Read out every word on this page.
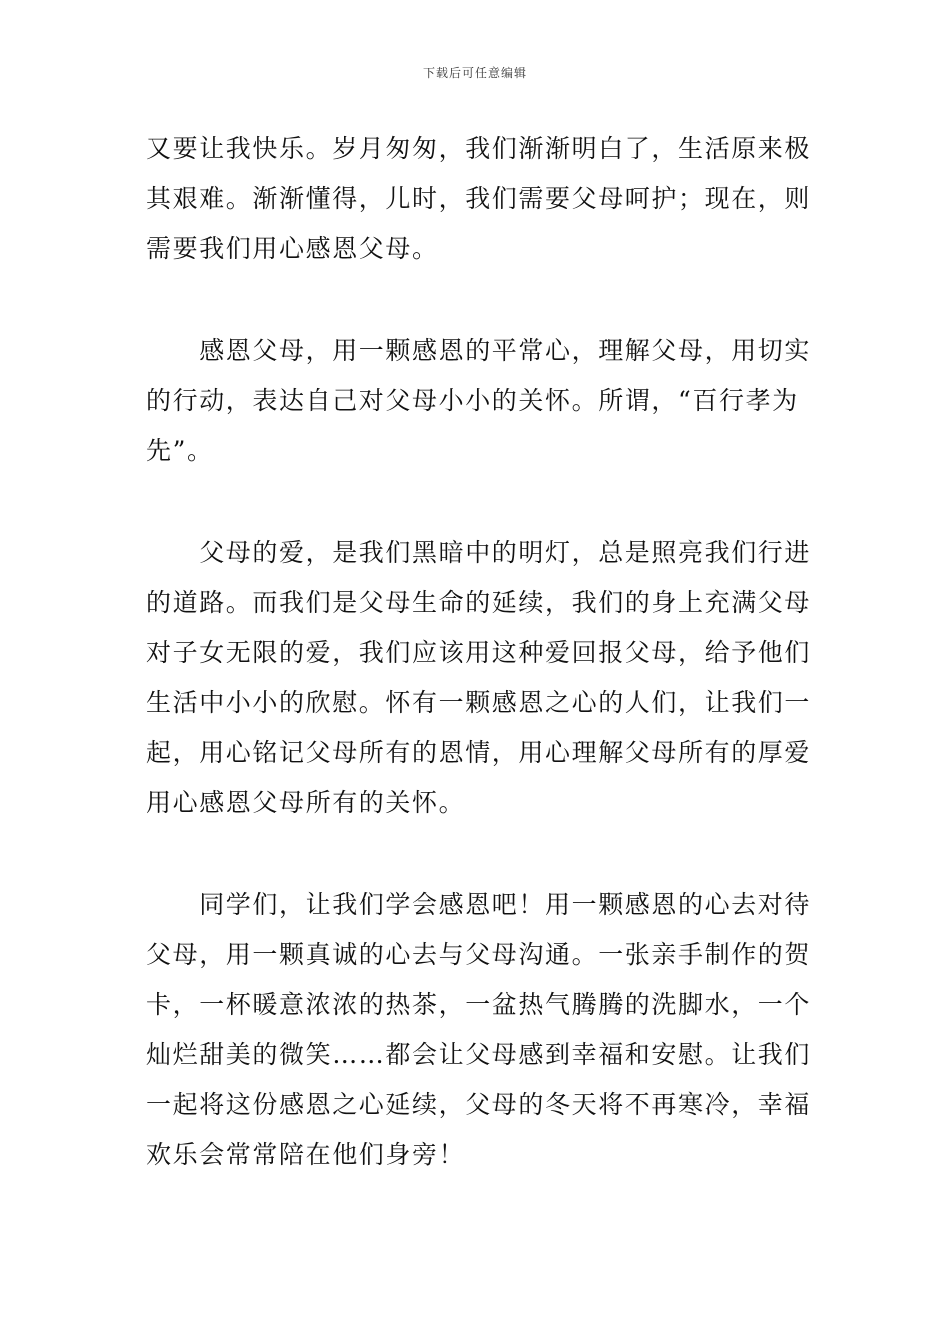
下载后可任意编辑

又要让我快乐。岁月匆匆，我们渐渐明白了，生活原来极
其艰难。渐渐懂得，儿时，我们需要父母呵护；现在，则
需要我们用心感恩父母。

　　感恩父母，用一颗感恩的平常心，理解父母，用切实
的行动，表达自己对父母小小的关怀。所谓，“百行孝为
先”。

　　父母的爱，是我们黑暗中的明灯，总是照亮我们行进
的道路。而我们是父母生命的延续，我们的身上充满父母
对子女无限的爱，我们应该用这种爱回报父母，给予他们
生活中小小的欣慰。怀有一颗感恩之心的人们，让我们一
起，用心铭记父母所有的恩情，用心理解父母所有的厚爱
用心感恩父母所有的关怀。

　　同学们，让我们学会感恩吧！用一颗感恩的心去对待
父母，用一颗真诚的心去与父母沟通。一张亲手制作的贺
卡，一杯暖意浓浓的热茶，一盆热气腾腾的洗脚水，一个
灿烂甜美的微笑……都会让父母感到幸福和安慰。让我们
一起将这份感恩之心延续，父母的冬天将不再寒冷，幸福
欢乐会常常陪在他们身旁！
